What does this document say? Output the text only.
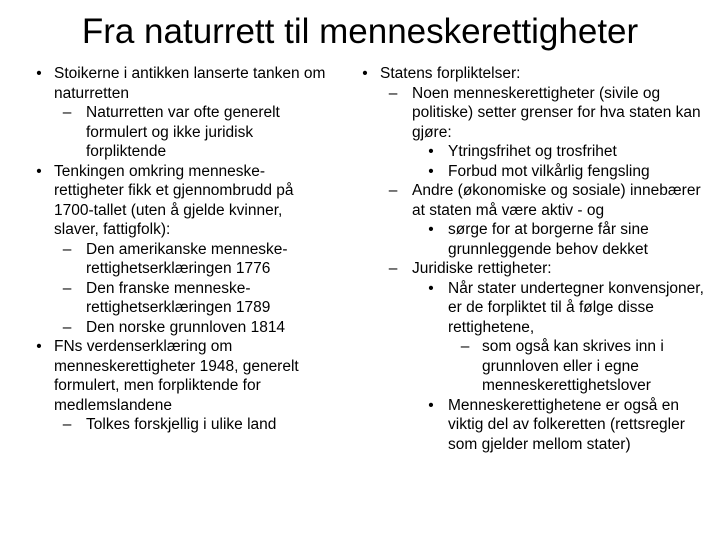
Fra naturrett til menneskerettigheter

• Stoikerne i antikken lanserte tanken om naturretten

– Naturretten var ofte generelt formulert og ikke juridisk forpliktende

• Tenkingen omkring menneske-rettigheter fikk et gjennombrudd på 1700-tallet (uten å gjelde kvinner, slaver, fattigfolk):

– Den amerikanske menneske-rettighetserklæringen 1776

– Den franske menneske-rettighetserklæringen 1789

– Den norske grunnloven 1814

• FNs verdenserklæring om menneskerettigheter 1948, generelt formulert, men forpliktende for medlemslandene

– Tolkes forskjellig i ulike land

• Statens forpliktelser:

– Noen menneskerettigheter (sivile og politiske) setter grenser for hva staten kan gjøre:

• Ytringsfrihet og trosfrihet

• Forbud mot vilkårlig fengsling

– Andre (økonomiske og sosiale) innebærer at staten må være aktiv - og

• sørge for at borgerne får sine grunnleggende behov dekket

– Juridiske rettigheter:

• Når stater undertegner konvensjoner, er de forpliktet til å følge disse rettighetene,

– som også kan skrives inn i grunnloven eller i egne menneskerettighetslover

• Menneskerettighetene er også en viktig del av folkeretten (rettsregler som gjelder mellom stater)
